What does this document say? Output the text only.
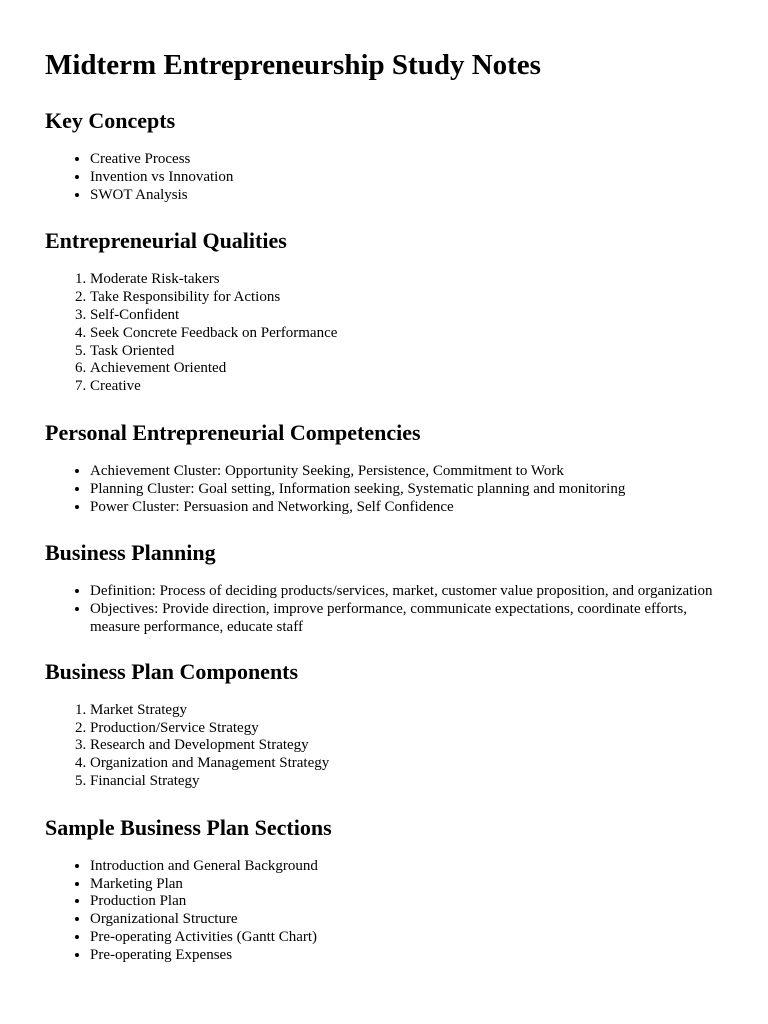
Midterm Entrepreneurship Study Notes
Key Concepts
• Creative Process
• Invention vs Innovation
• SWOT Analysis
Entrepreneurial Qualities
1. Moderate Risk-takers
2. Take Responsibility for Actions
3. Self-Confident
4. Seek Concrete Feedback on Performance
5. Task Oriented
6. Achievement Oriented
7. Creative
Personal Entrepreneurial Competencies
• Achievement Cluster: Opportunity Seeking, Persistence, Commitment to Work
• Planning Cluster: Goal setting, Information seeking, Systematic planning and monitoring
• Power Cluster: Persuasion and Networking, Self Confidence
Business Planning
• Definition: Process of deciding products/services, market, customer value proposition, and organization
• Objectives: Provide direction, improve performance, communicate expectations, coordinate efforts, measure performance, educate staff
Business Plan Components
1. Market Strategy
2. Production/Service Strategy
3. Research and Development Strategy
4. Organization and Management Strategy
5. Financial Strategy
Sample Business Plan Sections
• Introduction and General Background
• Marketing Plan
• Production Plan
• Organizational Structure
• Pre-operating Activities (Gantt Chart)
• Pre-operating Expenses
